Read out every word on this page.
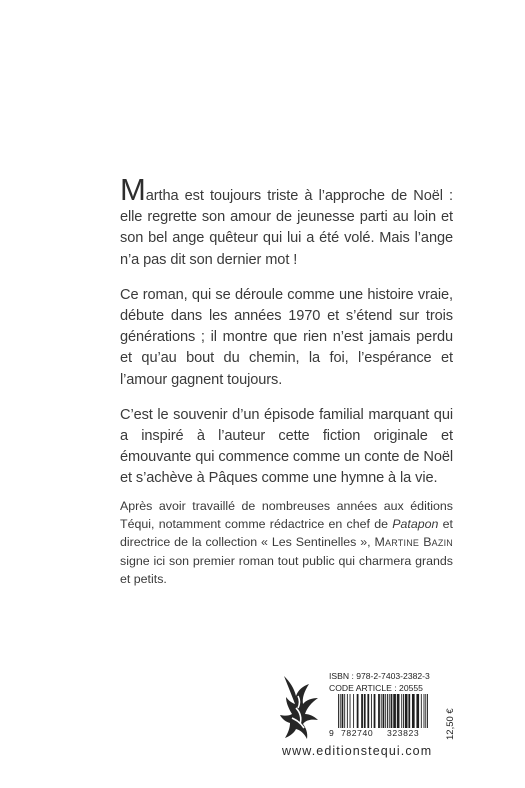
Martha est toujours triste à l’approche de Noël : elle regrette son amour de jeunesse parti au loin et son bel ange quêteur qui lui a été volé. Mais l’ange n’a pas dit son dernier mot !

Ce roman, qui se déroule comme une histoire vraie, débute dans les années 1970 et s’étend sur trois générations ; il montre que rien n’est jamais perdu et qu’au bout du chemin, la foi, l’espérance et l’amour gagnent toujours.

C’est le souvenir d’un épisode familial marquant qui a inspiré à l’auteur cette fiction originale et émouvante qui commence comme un conte de Noël et s’achève à Pâques comme une hymne à la vie.

Après avoir travaillé de nombreuses années aux éditions Téqui, notamment comme rédactrice en chef de Patapon et directrice de la collection « Les Sentinelles », Martine Bazin signe ici son premier roman tout public qui charmera grands et petits.

ISBN : 978-2-7403-2382-3
CODE ARTICLE : 20555
9 782740 323823	12,50 €
www.editionstequi.com
